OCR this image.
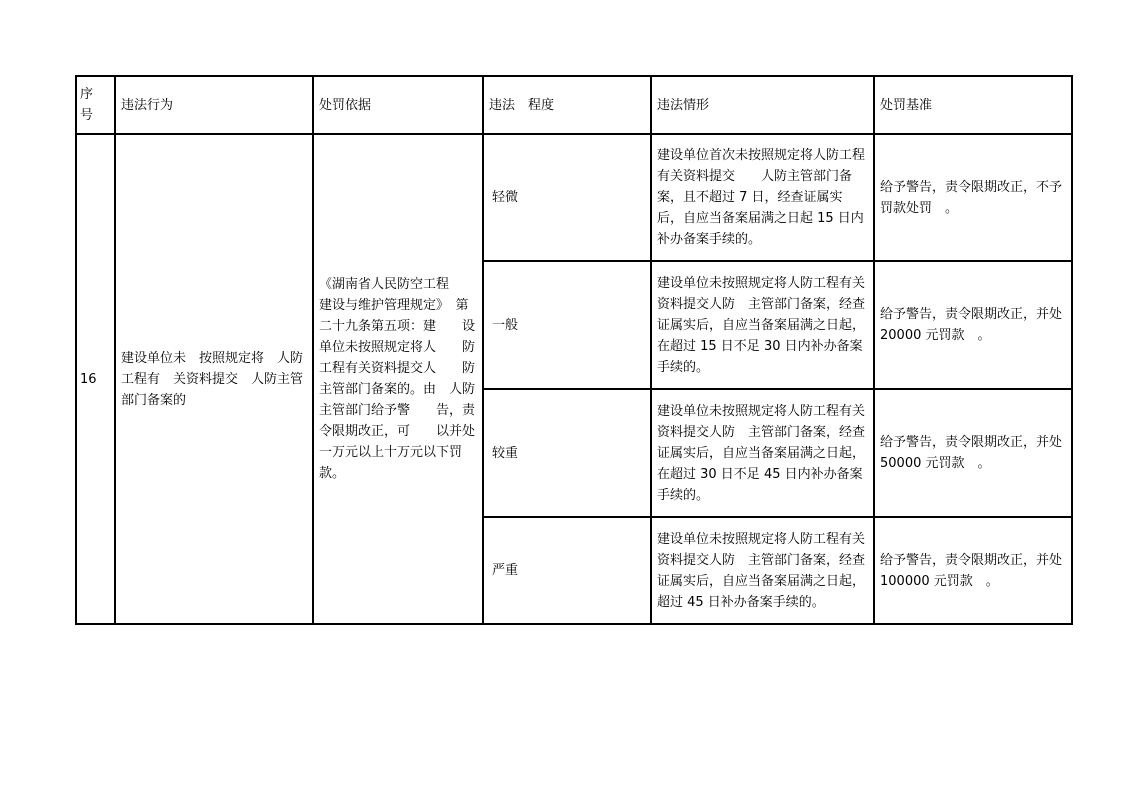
序
号	违法行为	处罚依据	违法　程度	违法情形	处罚基准
16	建设单位未　按照规定将　人防工程有　关资料提交　人防主管部门备案的	《湖南省人民防空工程　　建设与维护管理规定》　第二十九条第五项：建　　设单位未按照规定将人　　防工程有关资料提交人　　防主管部门备案的。由　人防主管部门给予警　　告，责令限期改正，可　　以并处一万元以上十万元以下罚款。	轻微	建设单位首次未按照规定将人防工程有关资料提交　　人防主管部门备案，且不超过 7 日，经查证属实后，自应当备案届满之日起 15 日内补办备案手续的。	给予警告，责令限期改正，不予罚款处罚　。
			一般	建设单位未按照规定将人防工程有关资料提交人防　主管部门备案，经查证属实后，自应当备案届满之日起，在超过 15 日不足 30 日内补办备案手续的。	给予警告，责令限期改正，并处 20000 元罚款　。
			较重	建设单位未按照规定将人防工程有关资料提交人防　主管部门备案，经查证属实后，自应当备案届满之日起，在超过 30 日不足 45 日内补办备案手续的。	给予警告，责令限期改正，并处 50000 元罚款　。
			严重	建设单位未按照规定将人防工程有关资料提交人防　主管部门备案，经查证属实后，自应当备案届满之日起，超过 45 日补办备案手续的。	给予警告，责令限期改正，并处 100000 元罚款　。
